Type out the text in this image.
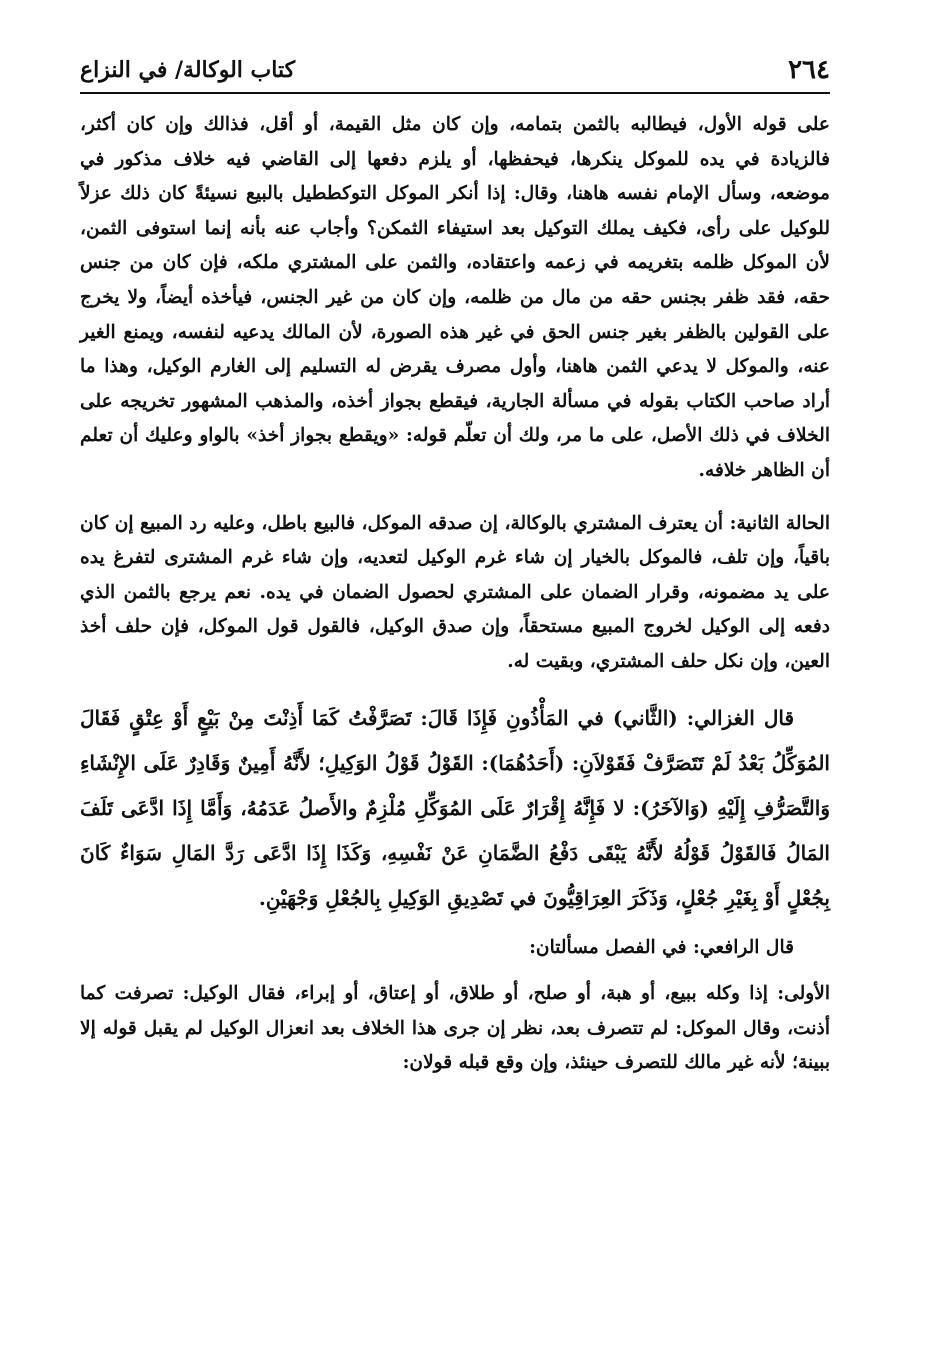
٢٦٤
كتاب الوكالة/ في النزاع

على قوله الأول، فيطالبه بالثمن بتمامه، وإن كان مثل القيمة، أو أقل، فذالك وإن كان أكثر، فالزيادة في يده للموكل ينكرها، فيحفظها، أو يلزم دفعها إلى القاضي فيه خلاف مذكور في موضعه، وسأل الإمام نفسه هاهنا، وقال: إذا أنكر الموكل التوكططيل بالبيع نسيئةً كان ذلك عزلاً للوكيل على رأى، فكيف يملك التوكيل بعد استيفاء الثمكن؟ وأجاب عنه بأنه إنما استوفى الثمن، لأن الموكل ظلمه بتغريمه في زعمه واعتقاده، والثمن على المشتري ملكه، فإن كان من جنس حقه، فقد ظفر بجنس حقه من مال من ظلمه، وإن كان من غير الجنس، فيأخذه أيضاً، ولا يخرج على القولين بالظفر بغير جنس الحق في غير هذه الصورة، لأن المالك يدعيه لنفسه، ويمنع الغير عنه، والموكل لا يدعي الثمن هاهنا، وأول مصرف يقرض له التسليم إلى الغارم الوكيل، وهذا ما أراد صاحب الكتاب بقوله في مسألة الجارية، فيقطع بجواز أخذه، والمذهب المشهور تخريجه على الخلاف في ذلك الأصل، على ما مر، ولك أن تعلّم قوله: «ويقطع بجواز أخذ» بالواو وعليك أن تعلم أن الظاهر خلافه.

الحالة الثانية: أن يعترف المشتري بالوكالة، إن صدقه الموكل، فالبيع باطل، وعليه رد المبيع إن كان باقياً، وإن تلف، فالموكل بالخيار إن شاء غرم الوكيل لتعديه، وإن شاء غرم المشترى لتفرغ يده على يد مضمونه، وقرار الضمان على المشتري لحصول الضمان في يده. نعم يرجع بالثمن الذي دفعه إلى الوكيل لخروج المبيع مستحقاً، وإن صدق الوكيل، فالقول قول الموكل، فإن حلف أخذ العين، وإن نكل حلف المشتري، وبقيت له.

قال الغزالي: (الثَّاني) في المَأْذُونِ فَإِذَا قَالَ: تَصَرَّفْتُ كَمَا أَذِنْتَ مِنْ بَيْعٍ أَوْ عِتْقٍ فَقَالَ المُوَكِّلُ بَعْدُ لَمْ تَتَصَرَّفْ فَقَوْلاَنِ: (أَحَدُهُمَا): القَوْلُ قَوْلُ الوَكِيلِ؛ لأَنَّهُ أَمِينٌ وَقَادِرٌ عَلَى الإِنْشَاءِ وَالتَّصَرُّفِ إِلَيْهِ (وَالآخَرُ): لا فَإِنَّهُ إِقْرَارٌ عَلَى المُوَكِّلِ مُلْزِمٌ والأَصلُ عَدَمُهُ، وَأَمَّا إِذَا ادَّعَى تَلَفَ المَالُ فَالقَوْلُ قَوْلُهُ لأَنَّهُ يَبْقَى دَفْعُ الضَّمَانِ عَنْ نَفْسِهِ، وَكَذَا إِذَا ادَّعَى رَدَّ المَالِ سَوَاءٌ كَانَ بِجُعْلٍ أَوْ بِغَيْرِ جُعْلٍ، وَذَكَرَ العِرَاقِيُّونَ في تَصْدِيقِ الوَكِيلِ بِالجُعْلِ وَجْهَيْنِ.

قال الرافعي: في الفصل مسألتان:

الأولى: إذا وكله ببيع، أو هبة، أو صلح، أو طلاق، أو إعتاق، أو إبراء، فقال الوكيل: تصرفت كما أذنت، وقال الموكل: لم تتصرف بعد، نظر إن جرى هذا الخلاف بعد انعزال الوكيل لم يقبل قوله إلا ببينة؛ لأنه غير مالك للتصرف حينئذ، وإن وقع قبله قولان:
